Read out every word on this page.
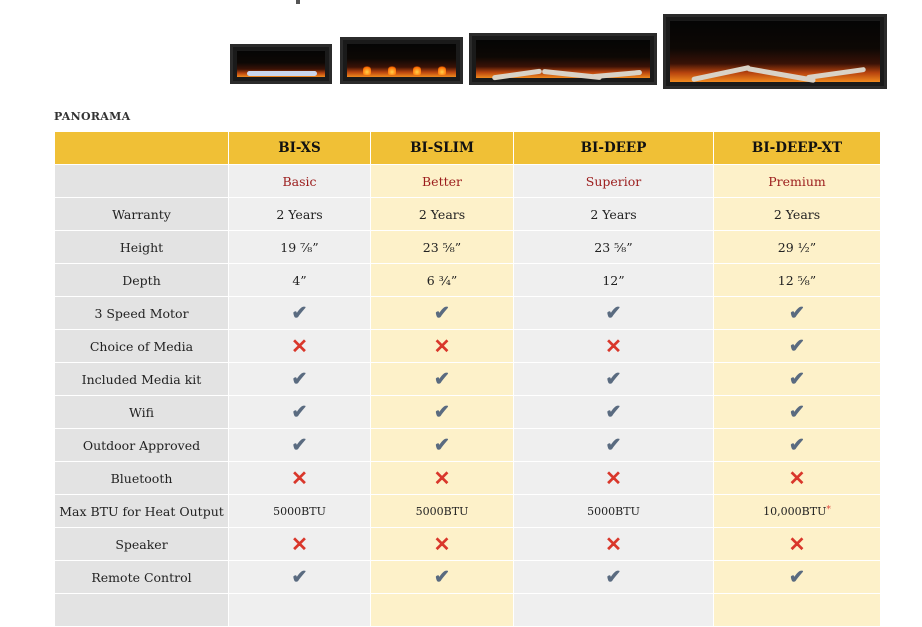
PANORAMA
	BI-XS	BI-SLIM	BI-DEEP	BI-DEEP-XT
	Basic	Better	Superior	Premium
Warranty	2 Years	2 Years	2 Years	2 Years
Height	19 ⅞”	23 ⅝”	23 ⅝”	29 ½”
Depth	4”	6 ¾”	12”	12 ⅝”
3 Speed Motor	✔	✔	✔	✔
Choice of Media	✕	✕	✕	✔
Included Media kit	✔	✔	✔	✔
Wifi	✔	✔	✔	✔
Outdoor Approved	✔	✔	✔	✔
Bluetooth	✕	✕	✕	✕
Max BTU for Heat Output	5000BTU	5000BTU	5000BTU	10,000BTU*
Speaker	✕	✕	✕	✕
Remote Control	✔	✔	✔	✔
